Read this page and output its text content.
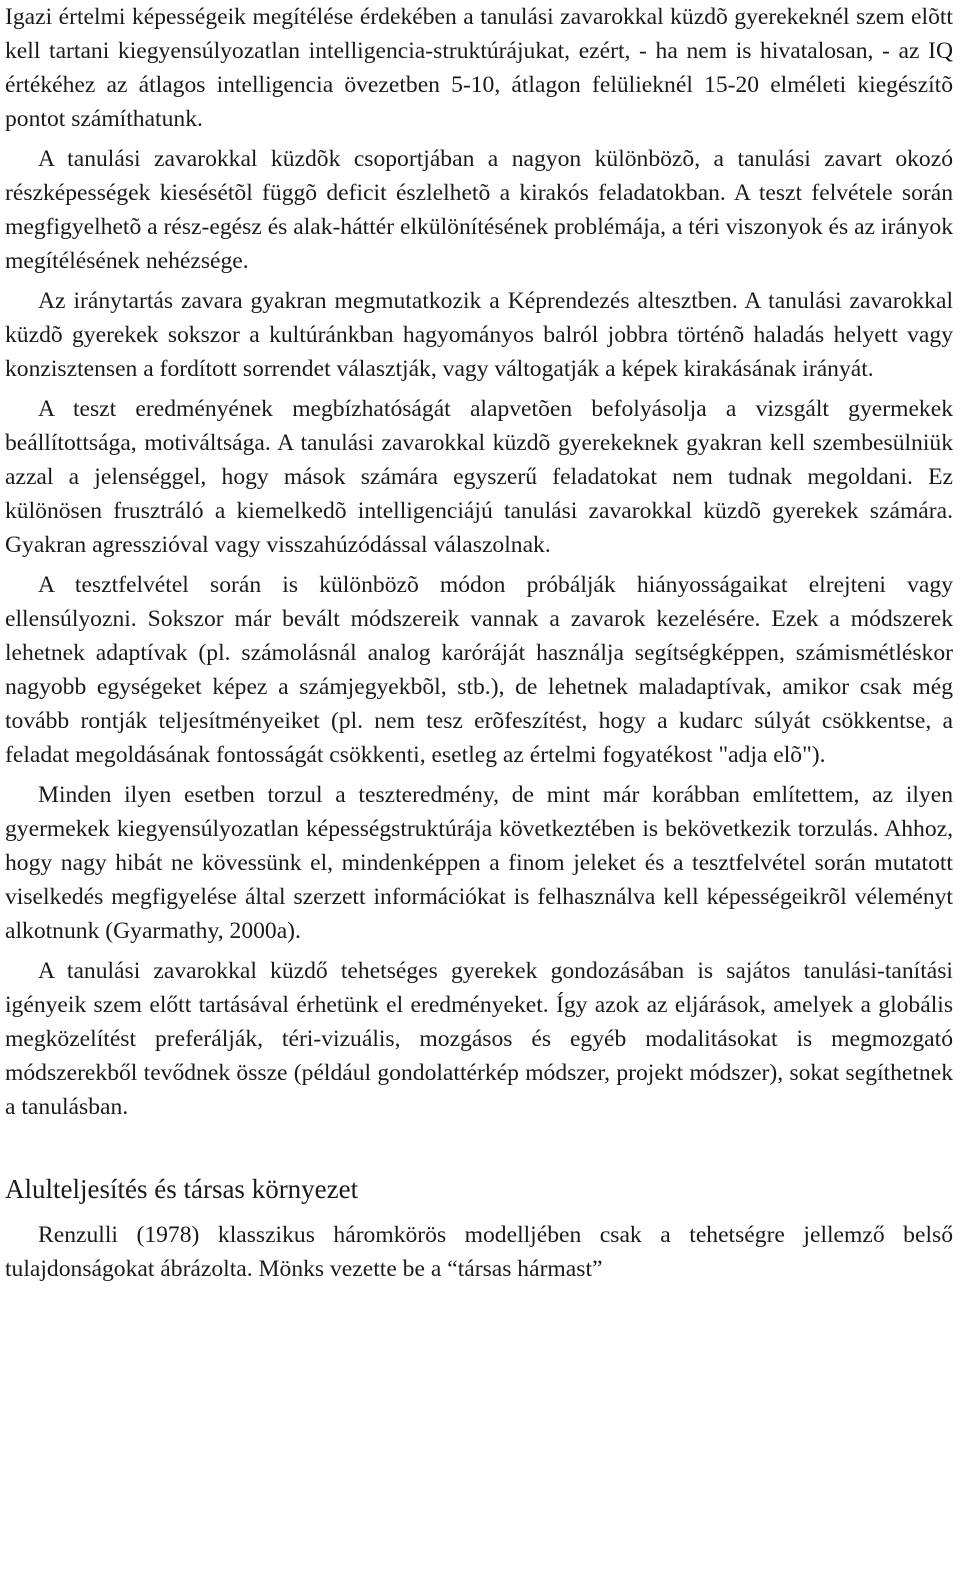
Igazi értelmi képességeik megítélése érdekében a tanulási zavarokkal küzdõ gyerekeknél szem elõtt kell tartani kiegyensúlyozatlan intelligencia-struktúrájukat, ezért, - ha nem is hivatalosan, - az IQ értékéhez az átlagos intelligencia övezetben 5-10, átlagon felülieknél 15-20 elméleti kiegészítõ pontot számíthatunk.

A tanulási zavarokkal küzdõk csoportjában a nagyon különbözõ, a tanulási zavart okozó részképességek kiesésétõl függõ deficit észlelhetõ a kirakós feladatokban. A teszt felvétele során megfigyelhetõ a rész-egész és alak-háttér elkülönítésének problémája, a téri viszonyok és az irányok megítélésének nehézsége.

Az iránytartás zavara gyakran megmutatkozik a Képrendezés altesztben. A tanulási zavarokkal küzdõ gyerekek sokszor a kultúránkban hagyományos balról jobbra történõ haladás helyett vagy konzisztensen a fordított sorrendet választják, vagy váltogatják a képek kirakásának irányát.

A teszt eredményének megbízhatóságát alapvetõen befolyásolja a vizsgált gyermekek beállítottsága, motiváltsága. A tanulási zavarokkal küzdõ gyerekeknek gyakran kell szembesülniük azzal a jelenséggel, hogy mások számára egyszerű feladatokat nem tudnak megoldani. Ez különösen frusztráló a kiemelkedõ intelligenciájú tanulási zavarokkal küzdõ gyerekek számára. Gyakran agresszióval vagy visszahúzódással válaszolnak.

A tesztfelvétel során is különbözõ módon próbálják hiányosságaikat elrejteni vagy ellensúlyozni. Sokszor már bevált módszereik vannak a zavarok kezelésére. Ezek a módszerek lehetnek adaptívak (pl. számolásnál analog karóráját használja segítségképpen, számismétléskor nagyobb egységeket képez a számjegyekbõl, stb.), de lehetnek maladaptívak, amikor csak még tovább rontják teljesítményeiket (pl. nem tesz erõfeszítést, hogy a kudarc súlyát csökkentse, a feladat megoldásának fontosságát csökkenti, esetleg az értelmi fogyatékost "adja elõ").

Minden ilyen esetben torzul a teszteredmény, de mint már korábban említettem, az ilyen gyermekek kiegyensúlyozatlan képességstruktúrája következtében is bekövetkezik torzulás. Ahhoz, hogy nagy hibát ne kövessünk el, mindenképpen a finom jeleket és a tesztfelvétel során mutatott viselkedés megfigyelése által szerzett információkat is felhasználva kell képességeikrõl véleményt alkotnunk (Gyarmathy, 2000a).

A tanulási zavarokkal küzdő tehetséges gyerekek gondozásában is sajátos tanulási-tanítási igényeik szem előtt tartásával érhetünk el eredményeket. Így azok az eljárások, amelyek a globális megközelítést preferálják, téri-vizuális, mozgásos és egyéb modalitásokat is megmozgató módszerekből tevődnek össze (például gondolattérkép módszer, projekt módszer), sokat segíthetnek a tanulásban.

Alulteljesítés és társas környezet

Renzulli (1978) klasszikus háromkörös modelljében csak a tehetségre jellemző belső tulajdonságokat ábrázolta. Mönks vezette be a “társas hármast”
